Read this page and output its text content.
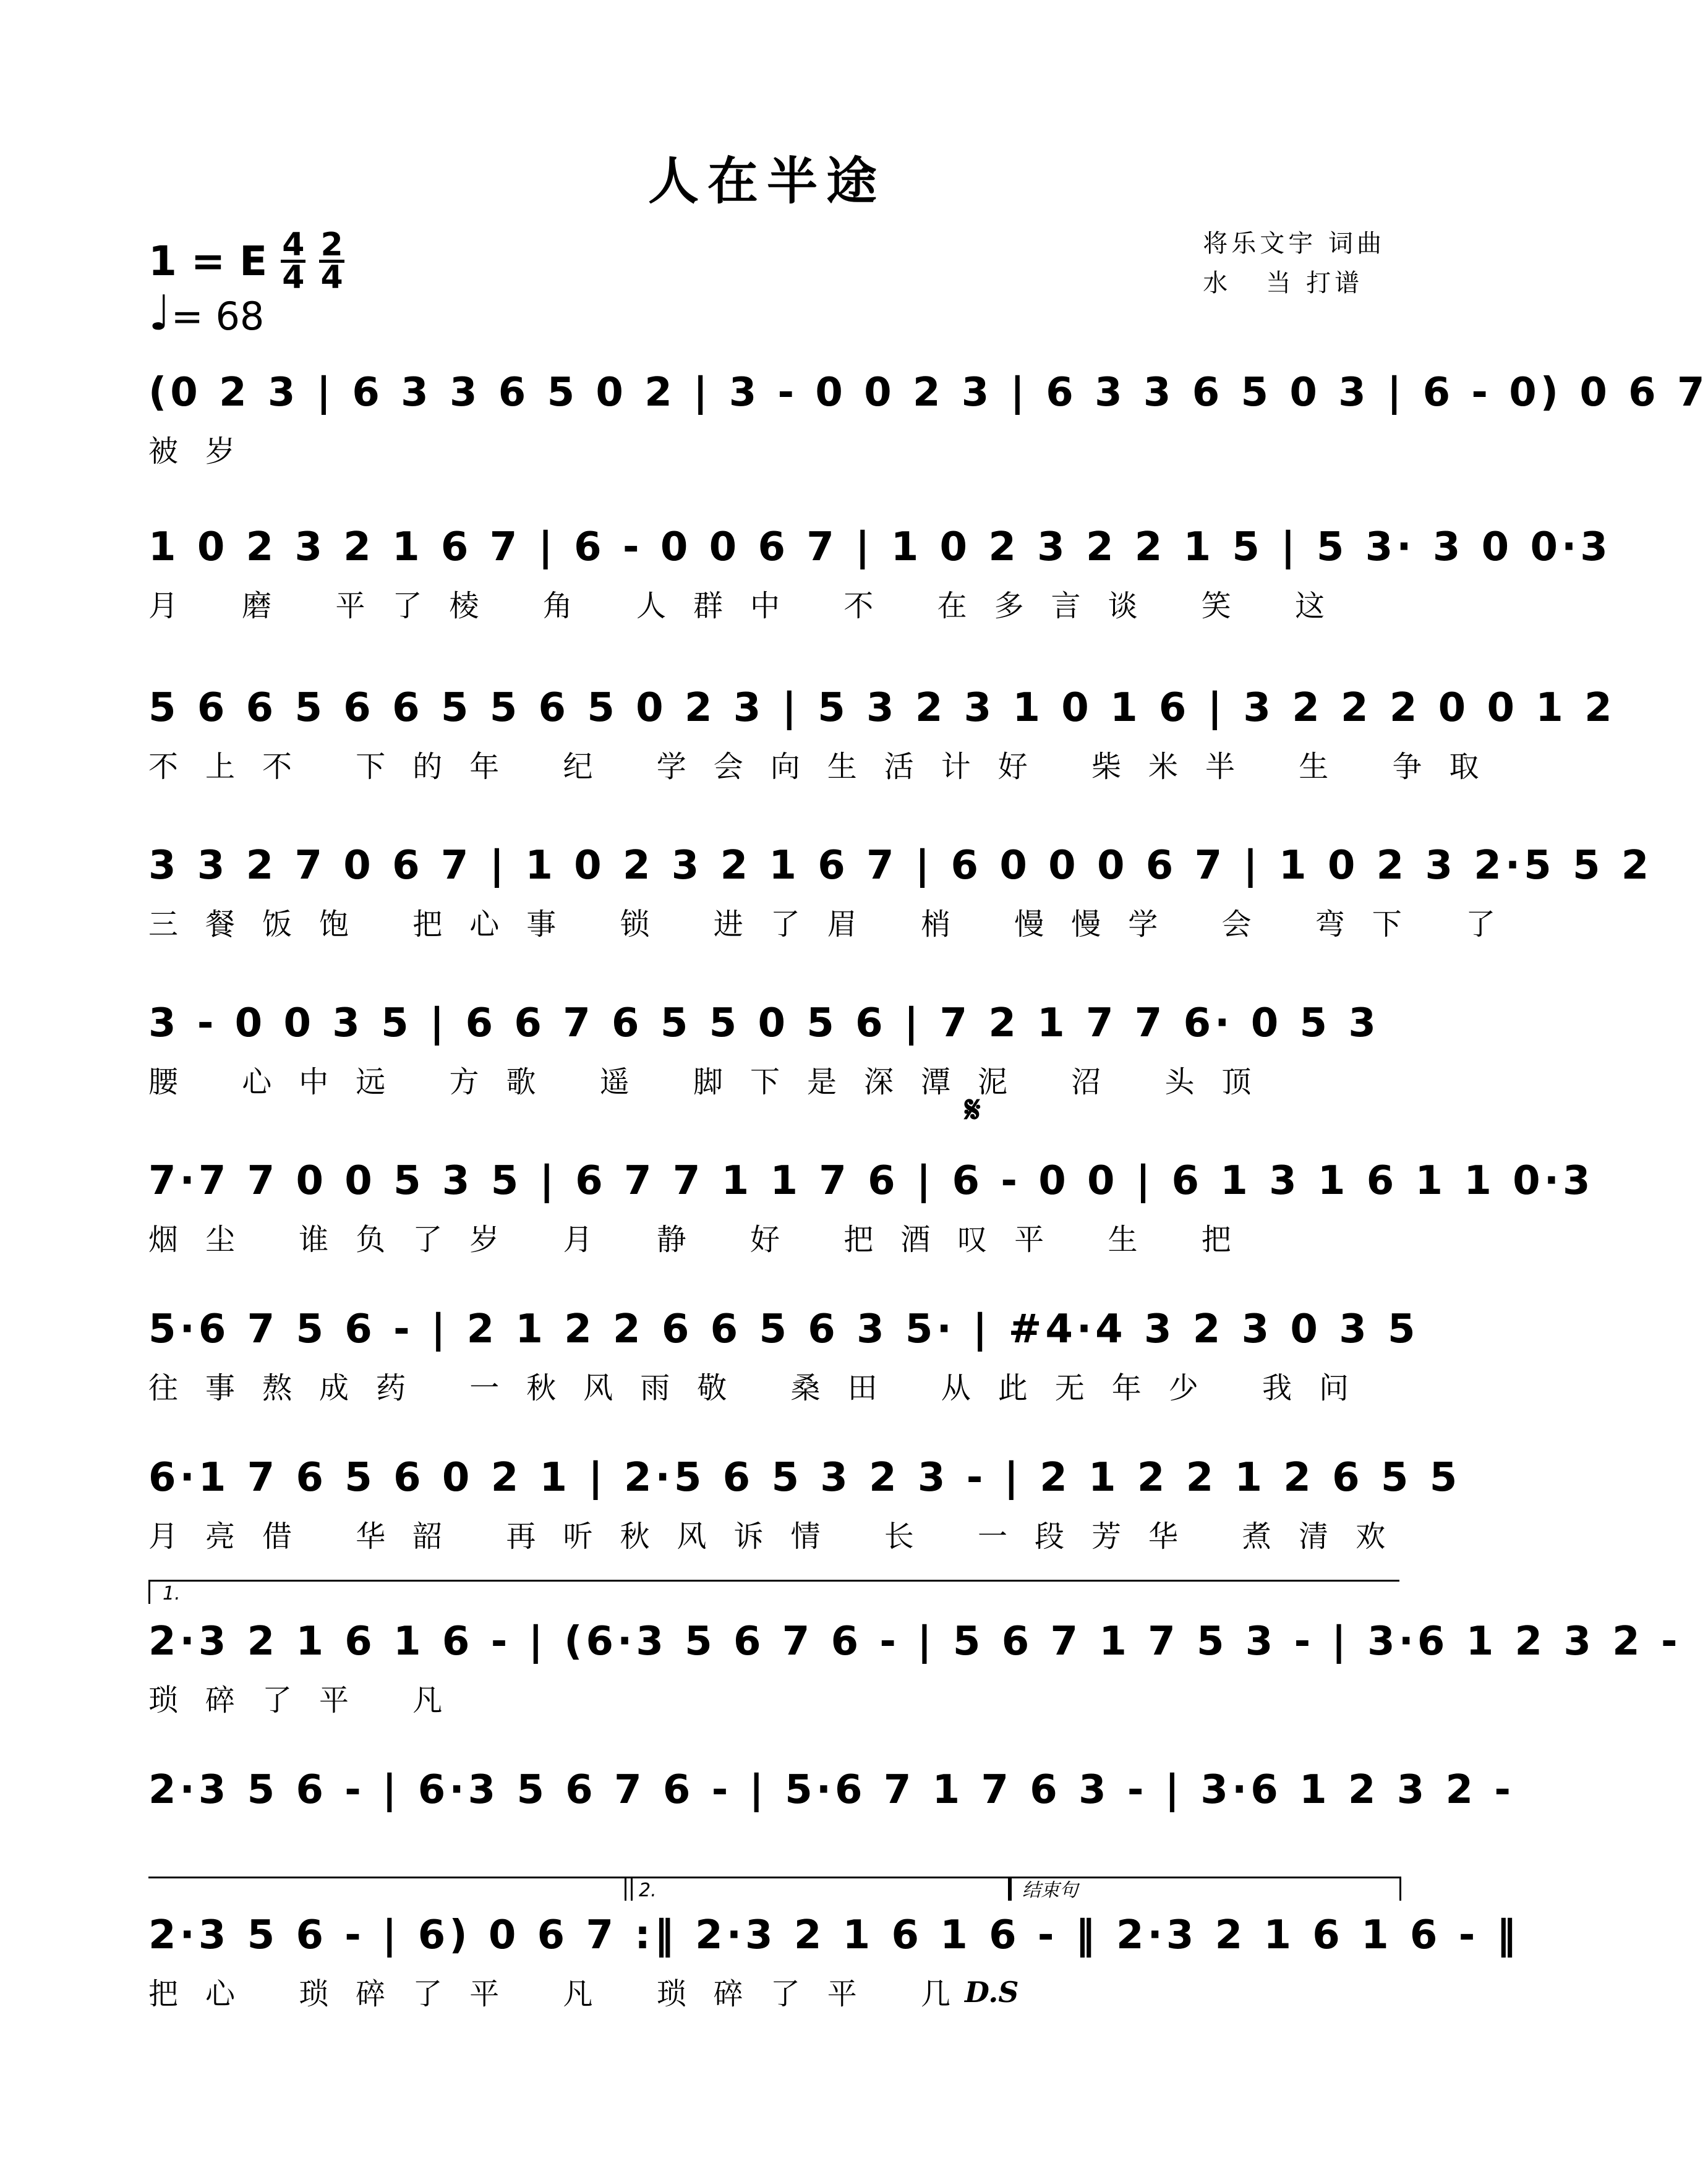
人在半途
1 = E $\frac{4}{4} \frac{2}{4}$
♩= 68
将乐文宇 词曲
水   当 打谱
(0 2 3 | 6 3 3 6 5 0 2 | 3 - 0 0 2 3 | 6 3 3 6 5 0 3 | 6 - 0) 0 6 7
被岁
1 0 2 3 2 1 6 7 | 6 - 0 0 6 7 | 1 0 2 3 2 2 1 5 | 5 3· 3 0 0·3
月 磨 平了棱 角 人群中 不 在多言谈 笑 这
5 6 6 5 6 6 5 5 6 5 0 2 3 | 5 3 2 3 1 0 1 6 | 3 2 2 2 0 0 1 2
不上不 下的年 纪 学会向生活计好 柴米半 生 争取
3 3 2 7 0 6 7 | 1 0 2 3 2 1 6 7 | 6 0 0 0 6 7 | 1 0 2 3 2·5 5 2
三餐饭饱 把心事 锁 进了眉 梢 慢慢学 会 弯下 了
3 - 0 0 3 5 | 6 6 7 6 5 5 0 5 6 | 7 2 1 7 7 6· 0 5 3
腰 心中远 方歌 遥 脚下是深潭泥 沼 头顶
𝄋
7·7 7 0 0 5 3 5 | 6 7 7 1 1 7 6 | 6 - 0 0 | 6 1 3 1 6 1 1 0·3
烟尘 谁负了岁 月 静 好 把酒叹平 生 把
5·6 7 5 6 - | 2 1 2 2 6 6 5 6 3 5· | #4·4 3 2 3 0 3 5
往事熬成药 一秋风雨敬 桑田 从此无年少 我问
6·1 7 6 5 6 0 2 1 | 2·5 6 5 3 2 3 - | 2 1 2 2 1 2 6 5 5
月亮借 华韶 再听秋风诉情 长 一段芳华 煮清欢
1.
2·3 2 1 6 1 6 - | (6·3 5 6 7 6 - | 5 6 7 1 7 5 3 - | 3·6 1 2 3 2 -
琐碎了平 凡
2·3 5 6 - | 6·3 5 6 7 6 - | 5·6 7 1 7 6 3 - | 3·6 1 2 3 2 -
2.	结束句
2·3 5 6 - | 6) 0 6 7 :‖ 2·3 2 1 6 1 6 - ‖ 2·3 2 1 6 1 6 - ‖
把心 琐碎了平 凡 琐碎了平 几
D.S
